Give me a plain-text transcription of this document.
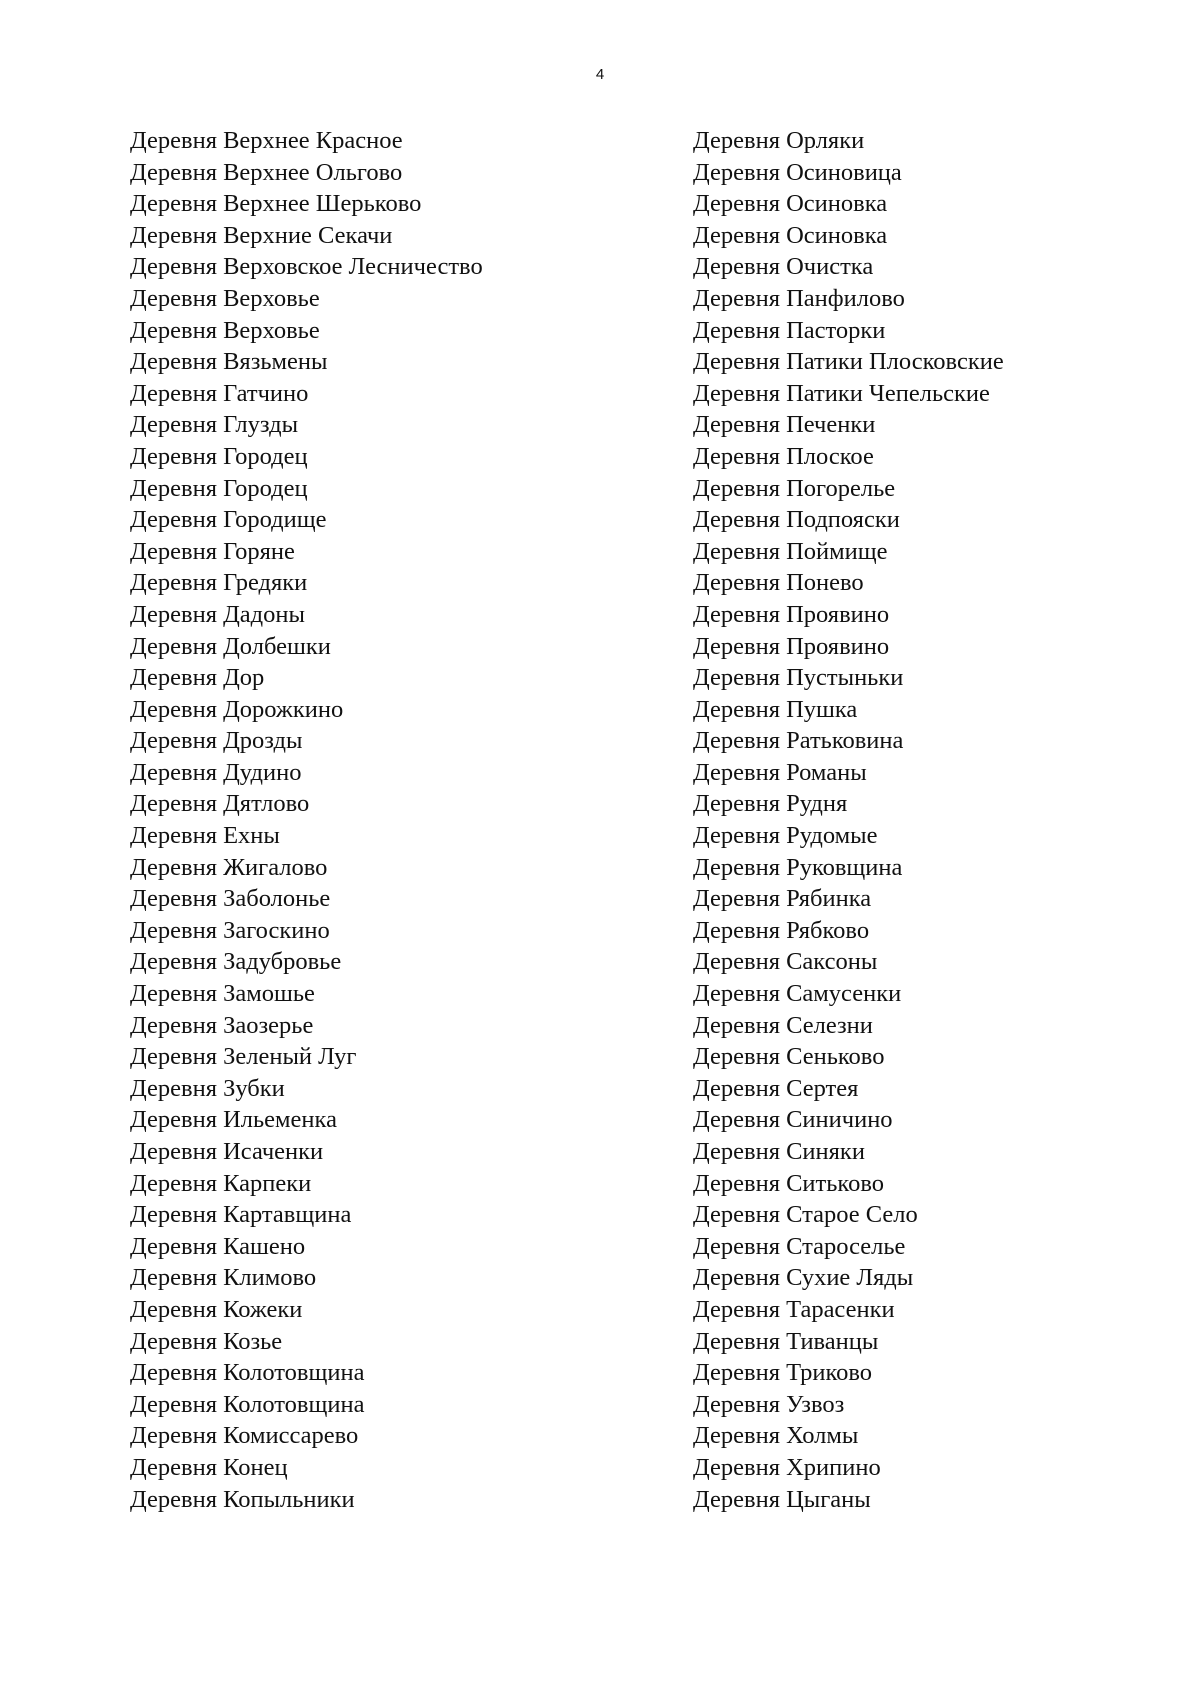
4
Деревня Верхнее Красное
Деревня Верхнее Ольгово
Деревня Верхнее Шерьково
Деревня Верхние Секачи
Деревня Верховское Лесничество
Деревня Верховье
Деревня Верховье
Деревня Вязьмены
Деревня Гатчино
Деревня Глузды
Деревня Городец
Деревня Городец
Деревня Городище
Деревня Горяне
Деревня Гредяки
Деревня Дадоны
Деревня Долбешки
Деревня Дор
Деревня Дорожкино
Деревня Дрозды
Деревня Дудино
Деревня Дятлово
Деревня Ехны
Деревня Жигалово
Деревня Заболонье
Деревня Загоскино
Деревня Задубровье
Деревня Замошье
Деревня Заозерье
Деревня Зеленый Луг
Деревня Зубки
Деревня Ильеменка
Деревня Исаченки
Деревня Карпеки
Деревня Картавщина
Деревня Кашено
Деревня Климово
Деревня Кожеки
Деревня Козье
Деревня Колотовщина
Деревня Колотовщина
Деревня Комиссарево
Деревня Конец
Деревня Копыльники
Деревня Орляки
Деревня Осиновица
Деревня Осиновка
Деревня Осиновка
Деревня Очистка
Деревня Панфилово
Деревня Пасторки
Деревня Патики Плосковские
Деревня Патики Чепельские
Деревня Печенки
Деревня Плоское
Деревня Погорелье
Деревня Подпояски
Деревня Поймище
Деревня Понево
Деревня Проявино
Деревня Проявино
Деревня Пустыньки
Деревня Пушка
Деревня Ратьковина
Деревня Романы
Деревня Рудня
Деревня Рудомые
Деревня Руковщина
Деревня Рябинка
Деревня Рябково
Деревня Саксоны
Деревня Самусенки
Деревня Селезни
Деревня Сеньково
Деревня Сертея
Деревня Синичино
Деревня Синяки
Деревня Ситьково
Деревня Старое Село
Деревня Староселье
Деревня Сухие Ляды
Деревня Тарасенки
Деревня Тиванцы
Деревня Триково
Деревня Узвоз
Деревня Холмы
Деревня Хрипино
Деревня Цыганы
